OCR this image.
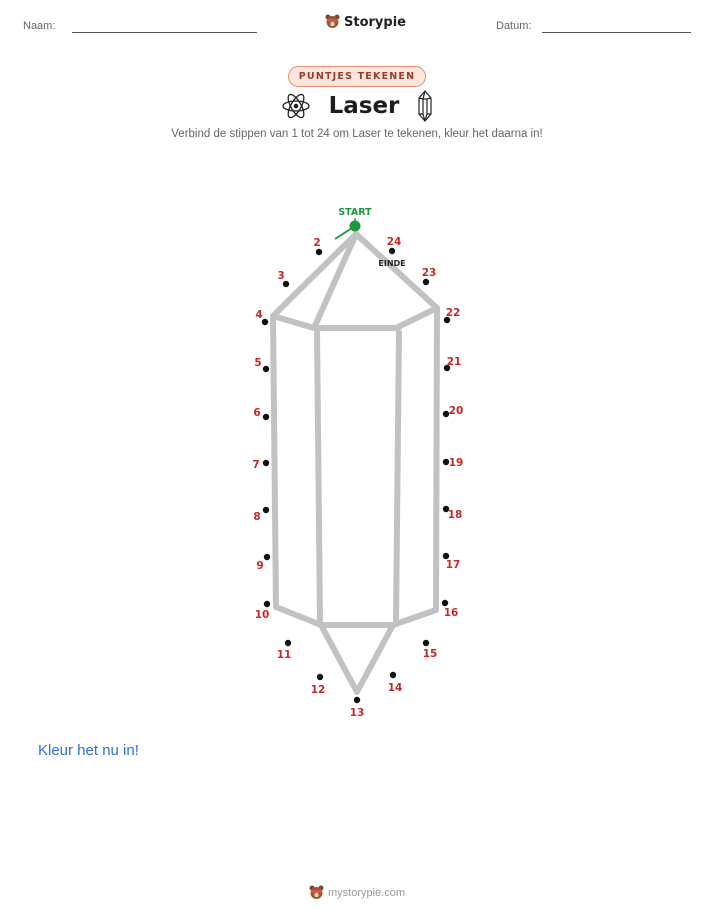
Naam:	Storypie	Datum:
PUNTJES TEKENEN
Laser
Verbind de stippen van 1 tot 24 om Laser te tekenen, kleur het daarna in!
START
EINDE
2
3
4
5
6
7
8
9
10
11
12
13
14
15
16
17
18
19
20
21
22
23
24
Kleur het nu in!
mystorypie.com
